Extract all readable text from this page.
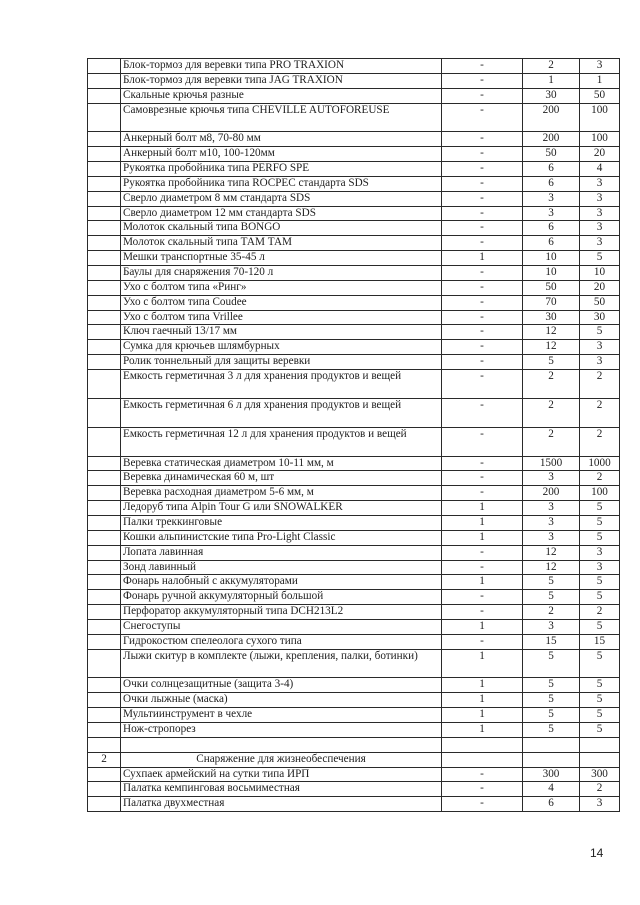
	Блок-тормоз для веревки типа PRO TRAXION	-	2	3
	Блок-тормоз для веревки типа JAG TRAXION	-	1	1
	Скальные крючья разные	-	30	50
	Самоврезные крючья типа CHEVILLE AUTOFOREUSE	-	200	100
	Анкерный болт м8, 70-80 мм	-	200	100
	Анкерный болт м10, 100-120мм	-	50	20
	Рукоятка пробойника типа PERFO SPE	-	6	4
	Рукоятка пробойника типа ROCPEC стандарта SDS	-	6	3
	Сверло диаметром 8 мм стандарта SDS	-	3	3
	Сверло диаметром 12 мм стандарта SDS	-	3	3
	Молоток скальный типа BONGO	-	6	3
	Молоток скальный типа ТАМ ТАМ	-	6	3
	Мешки транспортные 35-45 л	1	10	5
	Баулы для снаряжения 70-120 л	-	10	10
	Ухо с болтом типа «Ринг»	-	50	20
	Ухо с болтом типа Coudee	-	70	50
	Ухо с болтом типа Vrillee	-	30	30
	Ключ гаечный 13/17 мм	-	12	5
	Сумка для крючьев шлямбурных	-	12	3
	Ролик тоннельный для защиты веревки	-	5	3
	Емкость герметичная 3 л для хранения продуктов и вещей	-	2	2
	Емкость герметичная 6 л для хранения продуктов и вещей	-	2	2
	Емкость герметичная 12 л для хранения продуктов и вещей	-	2	2
	Веревка статическая диаметром 10-11 мм, м	-	1500	1000
	Веревка динамическая 60 м, шт	-	3	2
	Веревка расходная диаметром 5-6 мм, м	-	200	100
	Ледоруб типа Alpin Tour G или SNOWALKER	1	3	5
	Палки треккинговые	1	3	5
	Кошки альпинистские типа Pro-Light Classic	1	3	5
	Лопата лавинная	-	12	3
	Зонд лавинный	-	12	3
	Фонарь налобный с аккумуляторами	1	5	5
	Фонарь ручной аккумуляторный большой	-	5	5
	Перфоратор аккумуляторный типа DCH213L2	-	2	2
	Снегоступы	1	3	5
	Гидрокостюм спелеолога сухого типа	-	15	15
	Лыжи скитур в комплекте (лыжи, крепления, палки, ботинки)	1	5	5
	Очки солнцезащитные (защита 3-4)	1	5	5
	Очки лыжные (маска)	1	5	5
	Мультиинструмент в чехле	1	5	5
	Нож-стропорез	1	5	5

2	Снаряжение для жизнеобеспечения			
	Сухпаек армейский на сутки типа ИРП	-	300	300
	Палатка кемпинговая восьмиместная	-	4	2
	Палатка двухместная	-	6	3
14
